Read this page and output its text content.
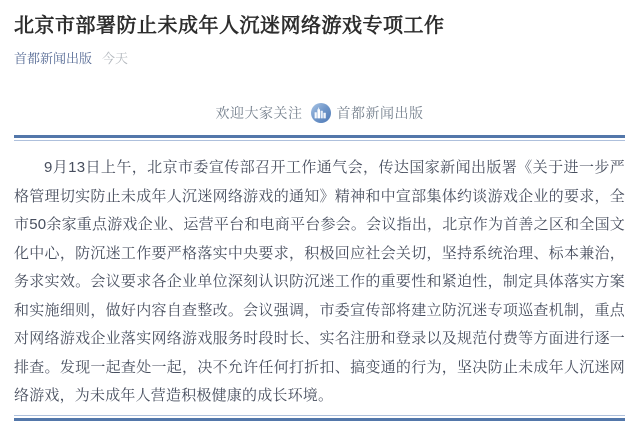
北京市部署防止未成年人沉迷网络游戏专项工作
首都新闻出版 今天
欢迎大家关注 首都新闻出版

9月13日上午，北京市委宣传部召开工作通气会，传达国家新闻出版署《关于进一步严格管理切实防止未成年人沉迷网络游戏的通知》精神和中宣部集体约谈游戏企业的要求，全市50余家重点游戏企业、运营平台和电商平台参会。会议指出，北京作为首善之区和全国文化中心，防沉迷工作要严格落实中央要求，积极回应社会关切，坚持系统治理、标本兼治，务求实效。会议要求各企业单位深刻认识防沉迷工作的重要性和紧迫性，制定具体落实方案和实施细则，做好内容自查整改。会议强调，市委宣传部将建立防沉迷专项巡查机制，重点对网络游戏企业落实网络游戏服务时段时长、实名注册和登录以及规范付费等方面进行逐一排查。发现一起查处一起，决不允许任何打折扣、搞变通的行为，坚决防止未成年人沉迷网络游戏，为未成年人营造积极健康的成长环境。
